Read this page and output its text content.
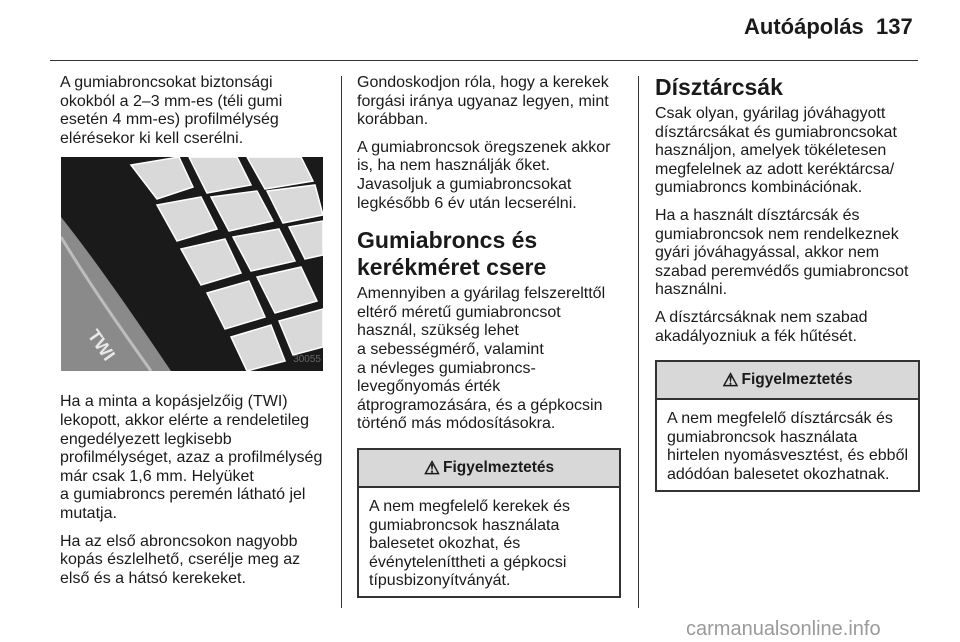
Autóápolás 137

A gumiabroncsokat biztonsági
okokból a 2–3 mm-es (téli gumi
esetén 4 mm-es) profilmélység
elérésekor ki kell cserélni.

TWI	30055

Ha a minta a kopásjelzőig (TWI)
lekopott, akkor elérte a rendeletileg
engedélyezett legkisebb
profilmélységet, azaz a profilmélység
már csak 1,6 mm. Helyüket
a gumiabroncs peremén látható jel
mutatja.

Ha az első abroncsokon nagyobb
kopás észlelhető, cserélje meg az
első és a hátsó kerekeket.

Gondoskodjon róla, hogy a kerekek
forgási iránya ugyanaz legyen, mint
korábban.

A gumiabroncsok öregszenek akkor
is, ha nem használják őket.
Javasoljuk a gumiabroncsokat
legkésőbb 6 év után lecserélni.

Gumiabroncs és
kerékméret csere

Amennyiben a gyárilag felszerelttől
eltérő méretű gumiabroncsot
használ, szükség lehet
a sebességmérő, valamint
a névleges gumiabroncs-
levegőnyomás érték
átprogramozására, és a gépkocsin
történő más módosításokra.

⚠ Figyelmeztetés
A nem megfelelő kerekek és
gumiabroncsok használata
balesetet okozhat, és
évényteleníttheti a gépkocsi
típusbizonyítványát.
Dísztárcsák

Csak olyan, gyárilag jóváhagyott
dísztárcsákat és gumiabroncsokat
használjon, amelyek tökéletesen
megfelelnek az adott keréktárcsa/
gumiabroncs kombinációnak.

Ha a használt dísztárcsák és
gumiabroncsok nem rendelkeznek
gyári jóváhagyással, akkor nem
szabad peremvédős gumiabroncsot
használni.

A dísztárcsáknak nem szabad
akadályozniuk a fék hűtését.

⚠ Figyelmeztetés
A nem megfelelő dísztárcsák és
gumiabroncsok használata
hirtelen nyomásvesztést, és ebből
adódóan balesetet okozhatnak.
carmanualsonline.info
